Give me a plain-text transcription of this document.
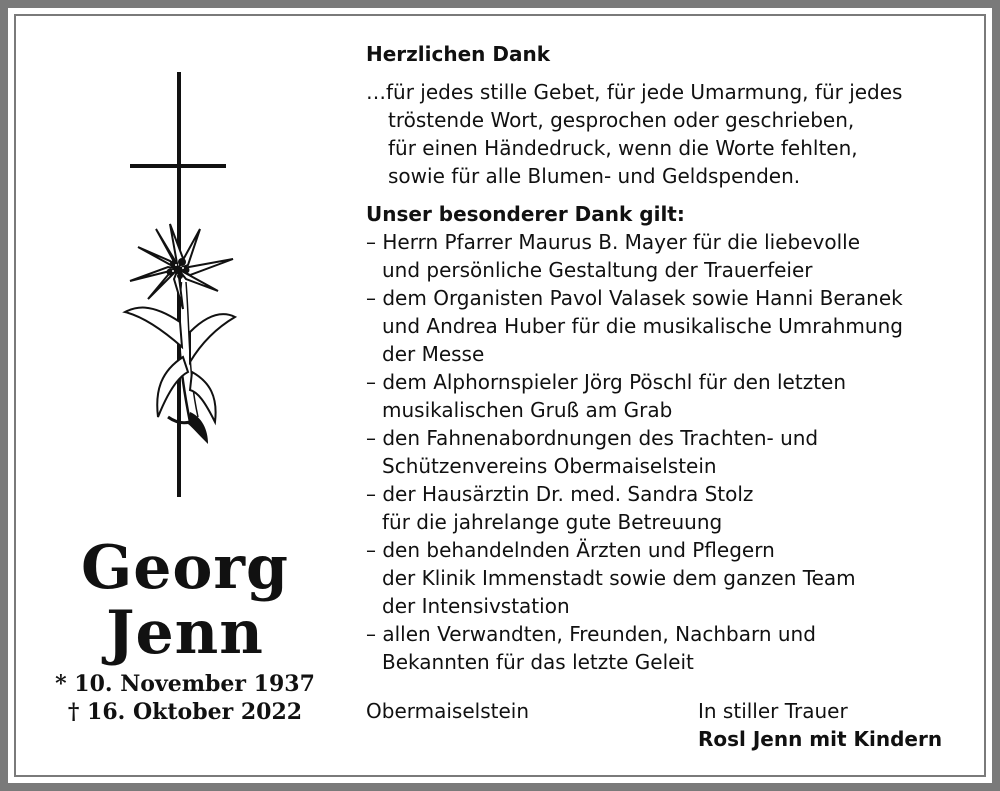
Georg
Jenn
* 10. November 1937
† 16. Oktober 2022
Herzlichen Dank
…für jedes stille Gebet, für jede Umarmung, für jedes
tröstende Wort, gesprochen oder geschrieben,
für einen Händedruck, wenn die Worte fehlten,
sowie für alle Blumen- und Geldspenden.
Unser besonderer Dank gilt:
– Herrn Pfarrer Maurus B. Mayer für die liebevolle
und persönliche Gestaltung der Trauerfeier
– dem Organisten Pavol Valasek sowie Hanni Beranek
und Andrea Huber für die musikalische Umrahmung
der Messe
– dem Alphornspieler Jörg Pöschl für den letzten
musikalischen Gruß am Grab
– den Fahnenabordnungen des Trachten- und
Schützenvereins Obermaiselstein
– der Hausärztin Dr. med. Sandra Stolz
für die jahrelange gute Betreuung
– den behandelnden Ärzten und Pflegern
der Klinik Immenstadt sowie dem ganzen Team
der Intensivstation
– allen Verwandten, Freunden, Nachbarn und
Bekannten für das letzte Geleit
Obermaiselstein	In stiller Trauer
Rosl Jenn mit Kindern
